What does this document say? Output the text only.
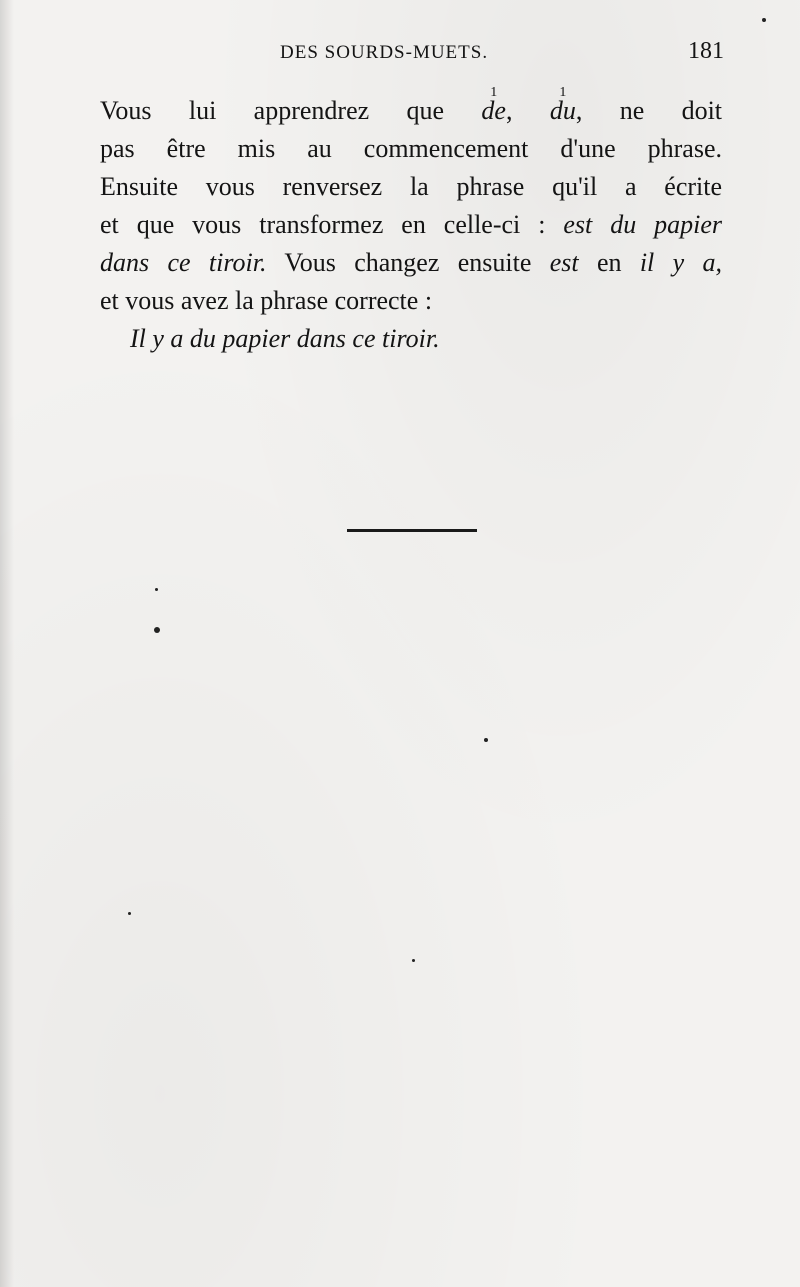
DES SOURDS-MUETS.	181
Vous lui apprendrez que
1
de,
1
du, ne doit
pas être mis au commencement d'une phrase.
Ensuite vous renversez la phrase qu'il a écrite
et que vous transformez en celle-ci : est du papier
dans ce tiroir. Vous changez ensuite est en il y a,
et vous avez la phrase correcte :
Il y a du papier dans ce tiroir.
